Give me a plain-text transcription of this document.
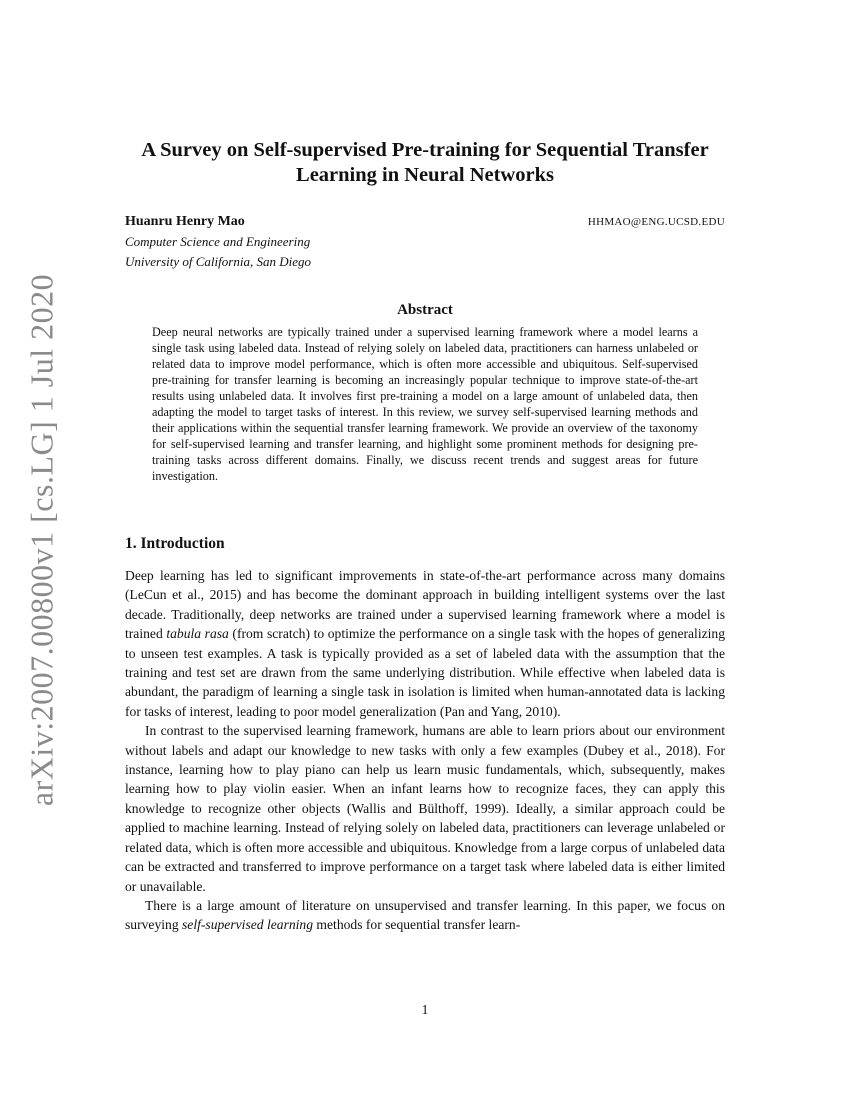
arXiv:2007.00800v1 [cs.LG] 1 Jul 2020
A Survey on Self-supervised Pre-training for Sequential Transfer Learning in Neural Networks
Huanru Henry Mao	HHMAO@ENG.UCSD.EDU
Computer Science and Engineering
University of California, San Diego
Abstract
Deep neural networks are typically trained under a supervised learning framework where a model learns a single task using labeled data. Instead of relying solely on labeled data, practitioners can harness unlabeled or related data to improve model performance, which is often more accessible and ubiquitous. Self-supervised pre-training for transfer learning is becoming an increasingly popular technique to improve state-of-the-art results using unlabeled data. It involves first pre-training a model on a large amount of unlabeled data, then adapting the model to target tasks of interest. In this review, we survey self-supervised learning methods and their applications within the sequential transfer learning framework. We provide an overview of the taxonomy for self-supervised learning and transfer learning, and highlight some prominent methods for designing pre-training tasks across different domains. Finally, we discuss recent trends and suggest areas for future investigation.
1. Introduction

Deep learning has led to significant improvements in state-of-the-art performance across many domains (LeCun et al., 2015) and has become the dominant approach in building intelligent systems over the last decade. Traditionally, deep networks are trained under a supervised learning framework where a model is trained tabula rasa (from scratch) to optimize the performance on a single task with the hopes of generalizing to unseen test examples. A task is typically provided as a set of labeled data with the assumption that the training and test set are drawn from the same underlying distribution. While effective when labeled data is abundant, the paradigm of learning a single task in isolation is limited when human-annotated data is lacking for tasks of interest, leading to poor model generalization (Pan and Yang, 2010).

In contrast to the supervised learning framework, humans are able to learn priors about our environment without labels and adapt our knowledge to new tasks with only a few examples (Dubey et al., 2018). For instance, learning how to play piano can help us learn music fundamentals, which, subsequently, makes learning how to play violin easier. When an infant learns how to recognize faces, they can apply this knowledge to recognize other objects (Wallis and Bülthoff, 1999). Ideally, a similar approach could be applied to machine learning. Instead of relying solely on labeled data, practitioners can leverage unlabeled or related data, which is often more accessible and ubiquitous. Knowledge from a large corpus of unlabeled data can be extracted and transferred to improve performance on a target task where labeled data is either limited or unavailable.

There is a large amount of literature on unsupervised and transfer learning. In this paper, we focus on surveying self-supervised learning methods for sequential transfer learn-

1
